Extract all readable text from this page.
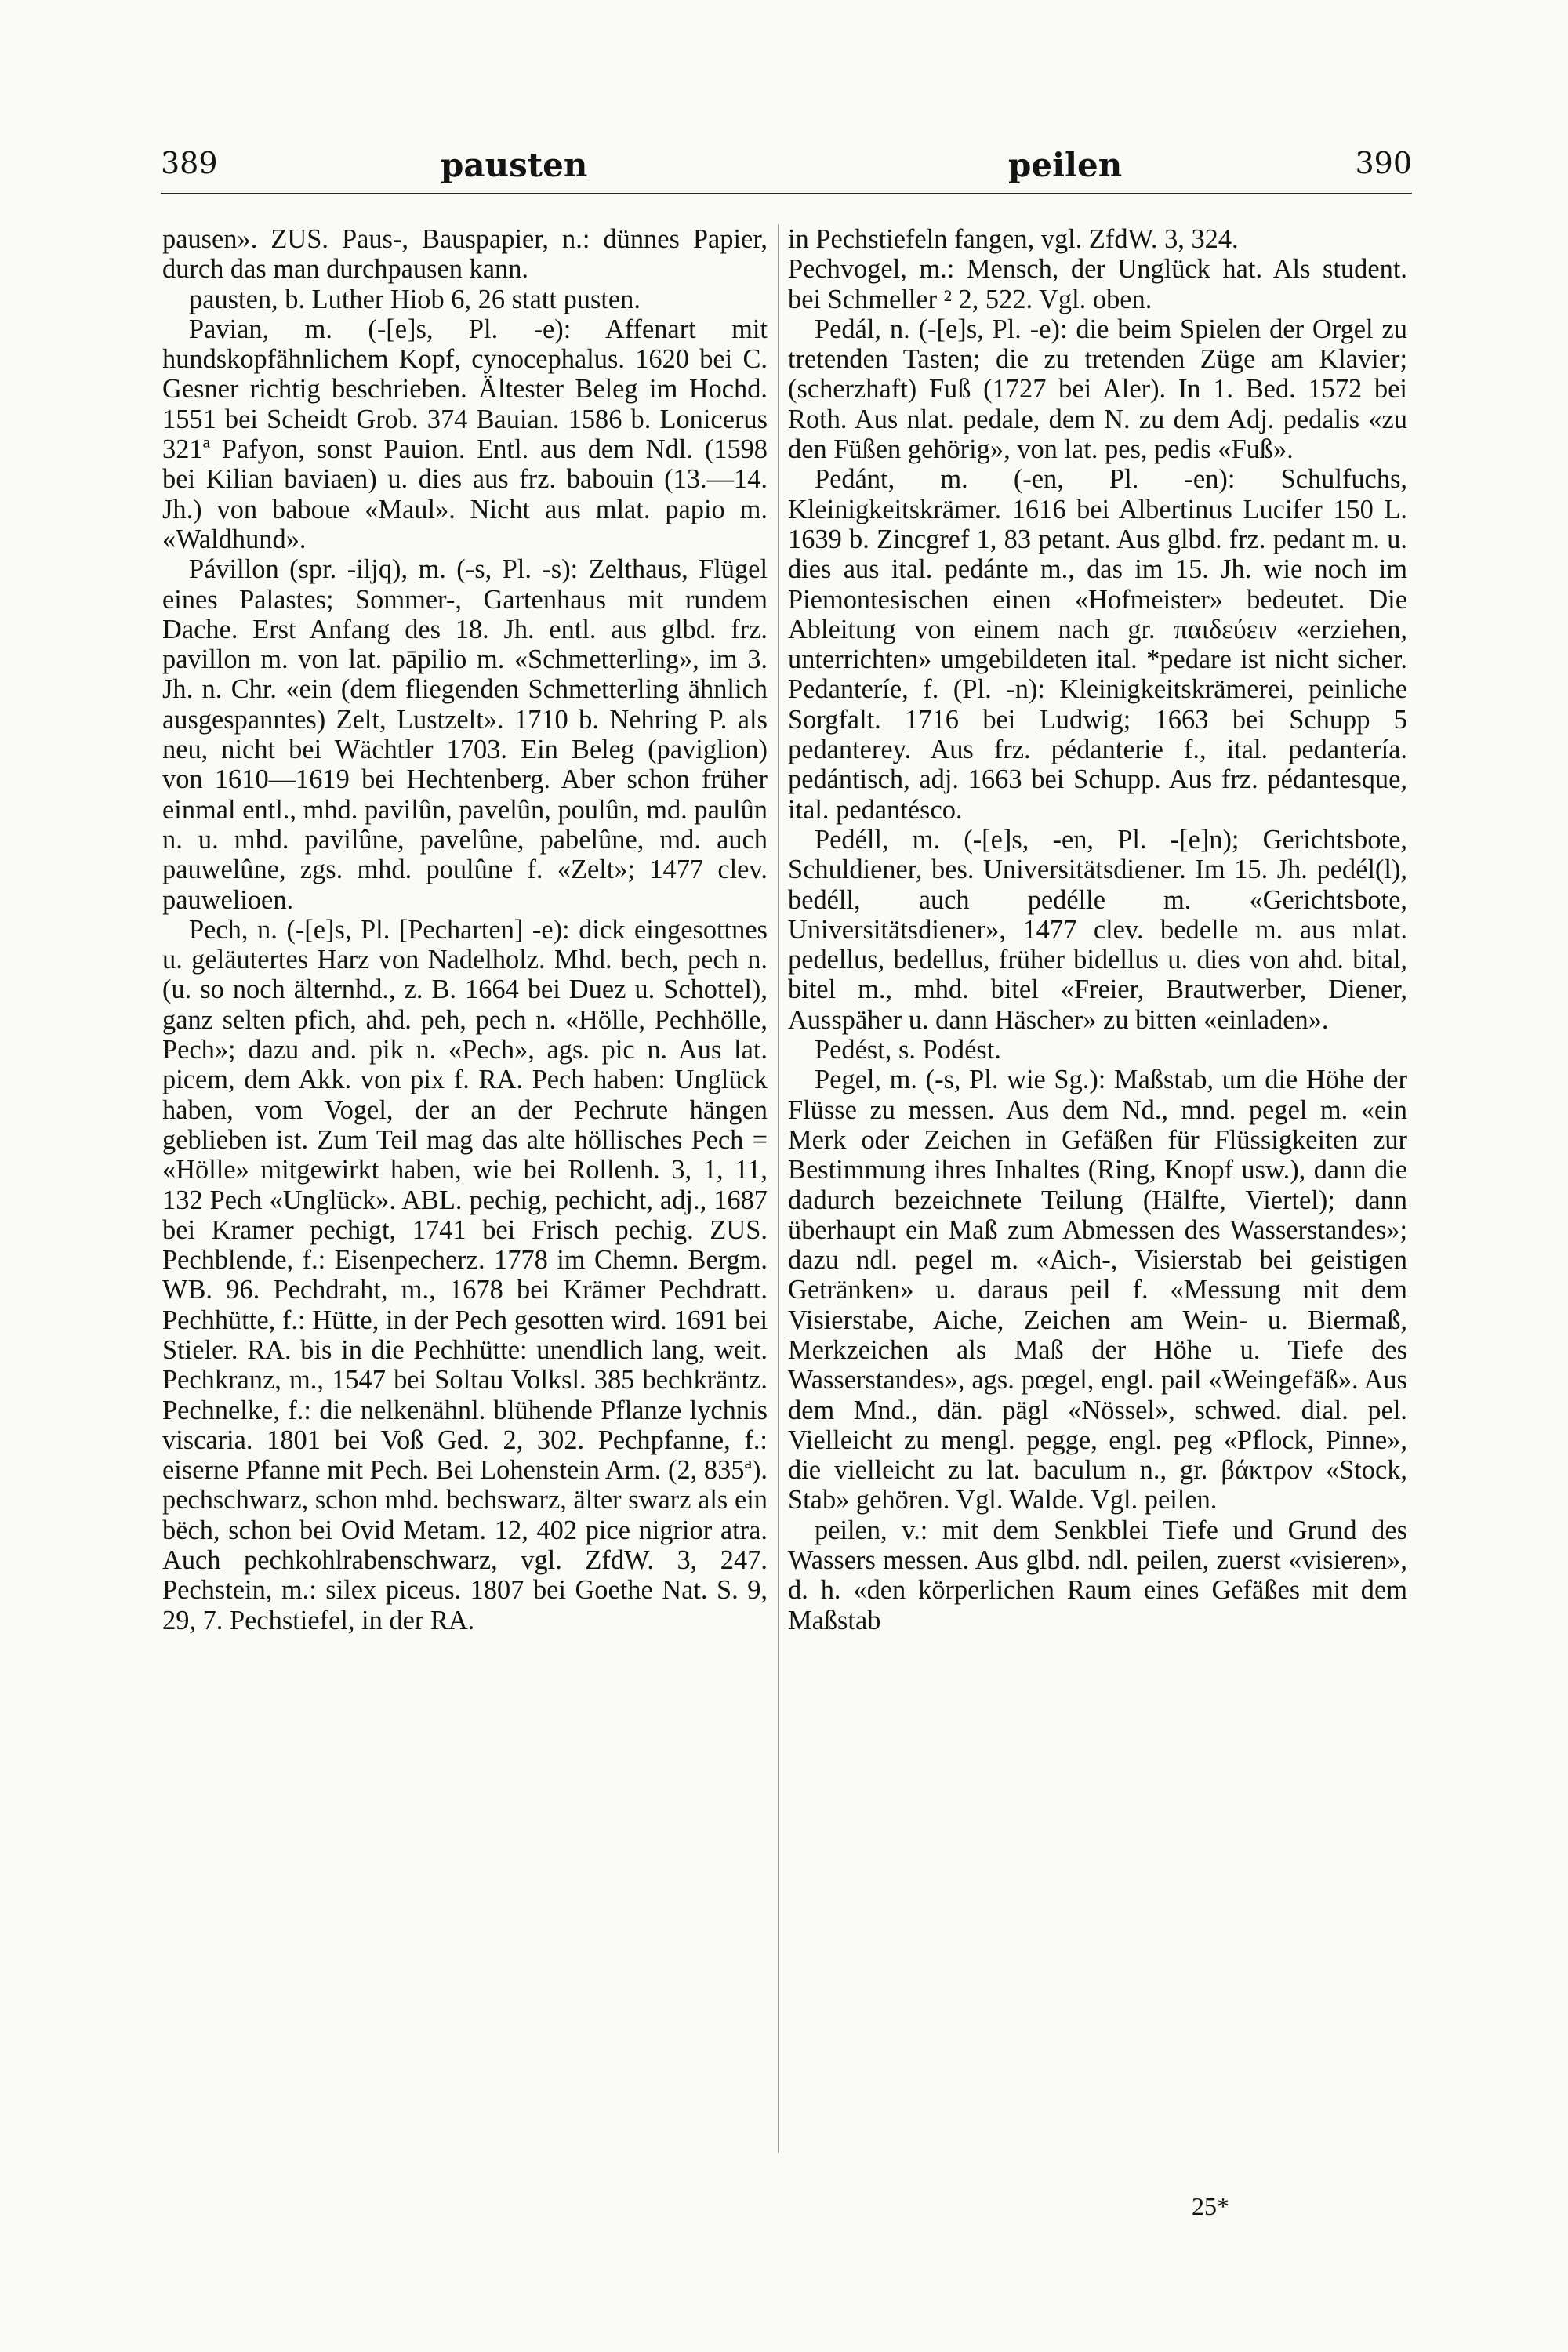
389	pausten	peilen	390

pausen». ZUS. Paus-, Bauspapier, n.: dünnes Papier, durch das man durchpausen kann.

pausten, b. Luther Hiob 6, 26 statt pusten.

Pavian, m. (-[e]s, Pl. -e): Affenart mit hundskopfähnlichem Kopf, cynocephalus. 1620 bei C. Gesner richtig beschrieben. Ältester Beleg im Hochd. 1551 bei Scheidt Grob. 374 Bauian. 1586 b. Lonicerus 321ª Pafyon, sonst Pauion. Entl. aus dem Ndl. (1598 bei Kilian baviaen) u. dies aus frz. babouin (13.—14. Jh.) von baboue «Maul». Nicht aus mlat. papio m. «Waldhund».

Pávillon (spr. -iljq), m. (-s, Pl. -s): Zelthaus, Flügel eines Palastes; Sommer-, Gartenhaus mit rundem Dache. Erst Anfang des 18. Jh. entl. aus glbd. frz. pavillon m. von lat. pāpilio m. «Schmetterling», im 3. Jh. n. Chr. «ein (dem fliegenden Schmetterling ähnlich ausgespanntes) Zelt, Lustzelt». 1710 b. Nehring P. als neu, nicht bei Wächtler 1703. Ein Beleg (paviglion) von 1610—1619 bei Hechtenberg. Aber schon früher einmal entl., mhd. pavilûn, pavelûn, poulûn, md. paulûn n. u. mhd. pavilûne, pavelûne, pabelûne, md. auch pauwelûne, zgs. mhd. poulûne f. «Zelt»; 1477 clev. pauwelioen.

Pech, n. (-[e]s, Pl. [Pecharten] -e): dick eingesottnes u. geläutertes Harz von Nadelholz. Mhd. bech, pech n. (u. so noch älternhd., z. B. 1664 bei Duez u. Schottel), ganz selten pfich, ahd. peh, pech n. «Hölle, Pechhölle, Pech»; dazu and. pik n. «Pech», ags. pic n. Aus lat. picem, dem Akk. von pix f. RA. Pech haben: Unglück haben, vom Vogel, der an der Pechrute hängen geblieben ist. Zum Teil mag das alte höllisches Pech = «Hölle» mitgewirkt haben, wie bei Rollenh. 3, 1, 11, 132 Pech «Unglück». ABL. pechig, pechicht, adj., 1687 bei Kramer pechigt, 1741 bei Frisch pechig. ZUS. Pechblende, f.: Eisenpecherz. 1778 im Chemn. Bergm. WB. 96. Pechdraht, m., 1678 bei Krämer Pechdratt. Pechhütte, f.: Hütte, in der Pech gesotten wird. 1691 bei Stieler. RA. bis in die Pechhütte: unendlich lang, weit. Pechkranz, m., 1547 bei Soltau Volksl. 385 bechkräntz. Pechnelke, f.: die nelkenähnl. blühende Pflanze lychnis viscaria. 1801 bei Voß Ged. 2, 302. Pechpfanne, f.: eiserne Pfanne mit Pech. Bei Lohenstein Arm. (2, 835ª). pechschwarz, schon mhd. bechswarz, älter swarz als ein bëch, schon bei Ovid Metam. 12, 402 pice nigrior atra. Auch pechkohlrabenschwarz, vgl. ZfdW. 3, 247. Pechstein, m.: silex piceus. 1807 bei Goethe Nat. S. 9, 29, 7. Pechstiefel, in der RA.

in Pechstiefeln fangen, vgl. ZfdW. 3, 324.

Pechvogel, m.: Mensch, der Unglück hat. Als student. bei Schmeller ² 2, 522. Vgl. oben.

Pedál, n. (-[e]s, Pl. -e): die beim Spielen der Orgel zu tretenden Tasten; die zu tretenden Züge am Klavier; (scherzhaft) Fuß (1727 bei Aler). In 1. Bed. 1572 bei Roth. Aus nlat. pedale, dem N. zu dem Adj. pedalis «zu den Füßen gehörig», von lat. pes, pedis «Fuß».

Pedánt, m. (-en, Pl. -en): Schulfuchs, Kleinigkeitskrämer. 1616 bei Albertinus Lucifer 150 L. 1639 b. Zincgref 1, 83 petant. Aus glbd. frz. pedant m. u. dies aus ital. pedánte m., das im 15. Jh. wie noch im Piemontesischen einen «Hofmeister» bedeutet. Die Ableitung von einem nach gr. παιδεύειν «erziehen, unterrichten» umgebildeten ital. *pedare ist nicht sicher. Pedanteríe, f. (Pl. -n): Kleinigkeitskrämerei, peinliche Sorgfalt. 1716 bei Ludwig; 1663 bei Schupp 5 pedanterey. Aus frz. pédanterie f., ital. pedantería. pedántisch, adj. 1663 bei Schupp. Aus frz. pédantesque, ital. pedantésco.

Pedéll, m. (-[e]s, -en, Pl. -[e]n); Gerichtsbote, Schuldiener, bes. Universitätsdiener. Im 15. Jh. pedél(l), bedéll, auch pedélle m. «Gerichtsbote, Universitätsdiener», 1477 clev. bedelle m. aus mlat. pedellus, bedellus, früher bidellus u. dies von ahd. bital, bitel m., mhd. bitel «Freier, Brautwerber, Diener, Ausspäher u. dann Häscher» zu bitten «einladen».

Pedést, s. Podést.

Pegel, m. (-s, Pl. wie Sg.): Maßstab, um die Höhe der Flüsse zu messen. Aus dem Nd., mnd. pegel m. «ein Merk oder Zeichen in Gefäßen für Flüssigkeiten zur Bestimmung ihres Inhaltes (Ring, Knopf usw.), dann die dadurch bezeichnete Teilung (Hälfte, Viertel); dann überhaupt ein Maß zum Abmessen des Wasserstandes»; dazu ndl. pegel m. «Aich-, Visierstab bei geistigen Getränken» u. daraus peil f. «Messung mit dem Visierstabe, Aiche, Zeichen am Wein- u. Biermaß, Merkzeichen als Maß der Höhe u. Tiefe des Wasserstandes», ags. pœgel, engl. pail «Weingefäß». Aus dem Mnd., dän. pägl «Nössel», schwed. dial. pel. Vielleicht zu mengl. pegge, engl. peg «Pflock, Pinne», die vielleicht zu lat. baculum n., gr. βάκτρον «Stock, Stab» gehören. Vgl. Walde. Vgl. peilen.

peilen, v.: mit dem Senkblei Tiefe und Grund des Wassers messen. Aus glbd. ndl. peilen, zuerst «visieren», d. h. «den körperlichen Raum eines Gefäßes mit dem Maßstab

25*
